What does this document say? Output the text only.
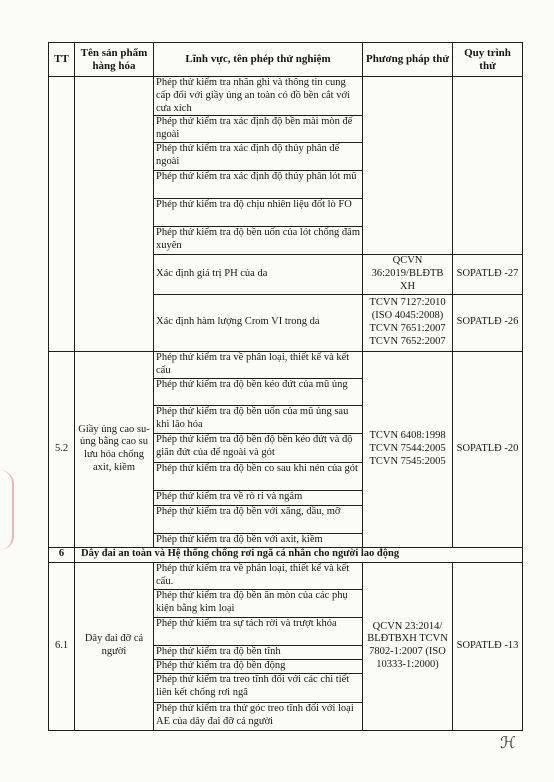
TT	Tên sản phẩm hàng hóa	Lĩnh vực, tên phép thử nghiệm	Phương pháp thử	Quy trình thử
		Phép thử kiểm tra nhãn ghi và thông tin cung cấp đối với giầy ủng an toàn có đồ bền cắt với cưa xích		
		Phép thử kiểm tra xác định độ bền mài mòn đế ngoài		
		Phép thử kiểm tra xác định độ thủy phân đế ngoài		
		Phép thử kiểm tra xác định độ thủy phân lót mũ		
		Phép thử kiểm tra độ chịu nhiên liệu đốt lò FO		
		Phép thử kiểm tra độ bền uốn của lót chống đâm xuyên		
		Xác định giá trị PH của da	QCVN 36:2019/BLĐTB XH	SOPATLĐ -27
		Xác định hàm lượng Crom VI trong da	TCVN 7127:2010 (ISO 4045:2008) TCVN 7651:2007 TCVN 7652:2007	SOPATLĐ -26
5.2	Giầy ủng cao su-ủng bằng cao su lưu hóa chống axit, kiềm	Phép thử kiểm tra về phân loại, thiết kế và kết cấu	TCVN 6408:1998 TCVN 7544:2005 TCVN 7545:2005	SOPATLĐ -20
		Phép thử kiểm tra độ bền kéo đứt của mũ ủng		
		Phép thử kiểm tra độ bền uốn của mũ ủng sau khi lão hóa		
		Phép thử kiểm tra độ bền độ bền kéo đứt và độ giãn đứt của đế ngoài và gót		
		Phép thử kiểm tra độ bền co sau khi nén của gót		
		Phép thử kiểm tra về rò rỉ và ngâm		
		Phép thử kiểm tra độ bền với xăng, dầu, mỡ		
		Phép thử kiểm tra độ bền với axit, kiềm		
6	Dây đai an toàn và Hệ thống chống rơi ngã cá nhân cho người lao động			
6.1	Dây đai đỡ cả người	Phép thử kiểm tra về phân loại, thiết kế và kết cấu.	QCVN 23:2014/ BLĐTBXH TCVN 7802-1:2007 (ISO 10333-1:2000)	SOPATLĐ -13
		Phép thử kiểm tra độ bền ăn mòn của các phụ kiện bằng kim loại		
		Phép thử kiểm tra sự tách rời và trượt khóa		
		Phép thử kiểm tra độ bền tĩnh		
		Phép thử kiểm tra độ bền động		
		Phép thử kiểm tra treo tĩnh đối với các chi tiết liên kết chống rơi ngã		
		Phép thử kiểm tra thử góc treo tĩnh đối với loại AE của dây đai đỡ cả người		
ℋ
